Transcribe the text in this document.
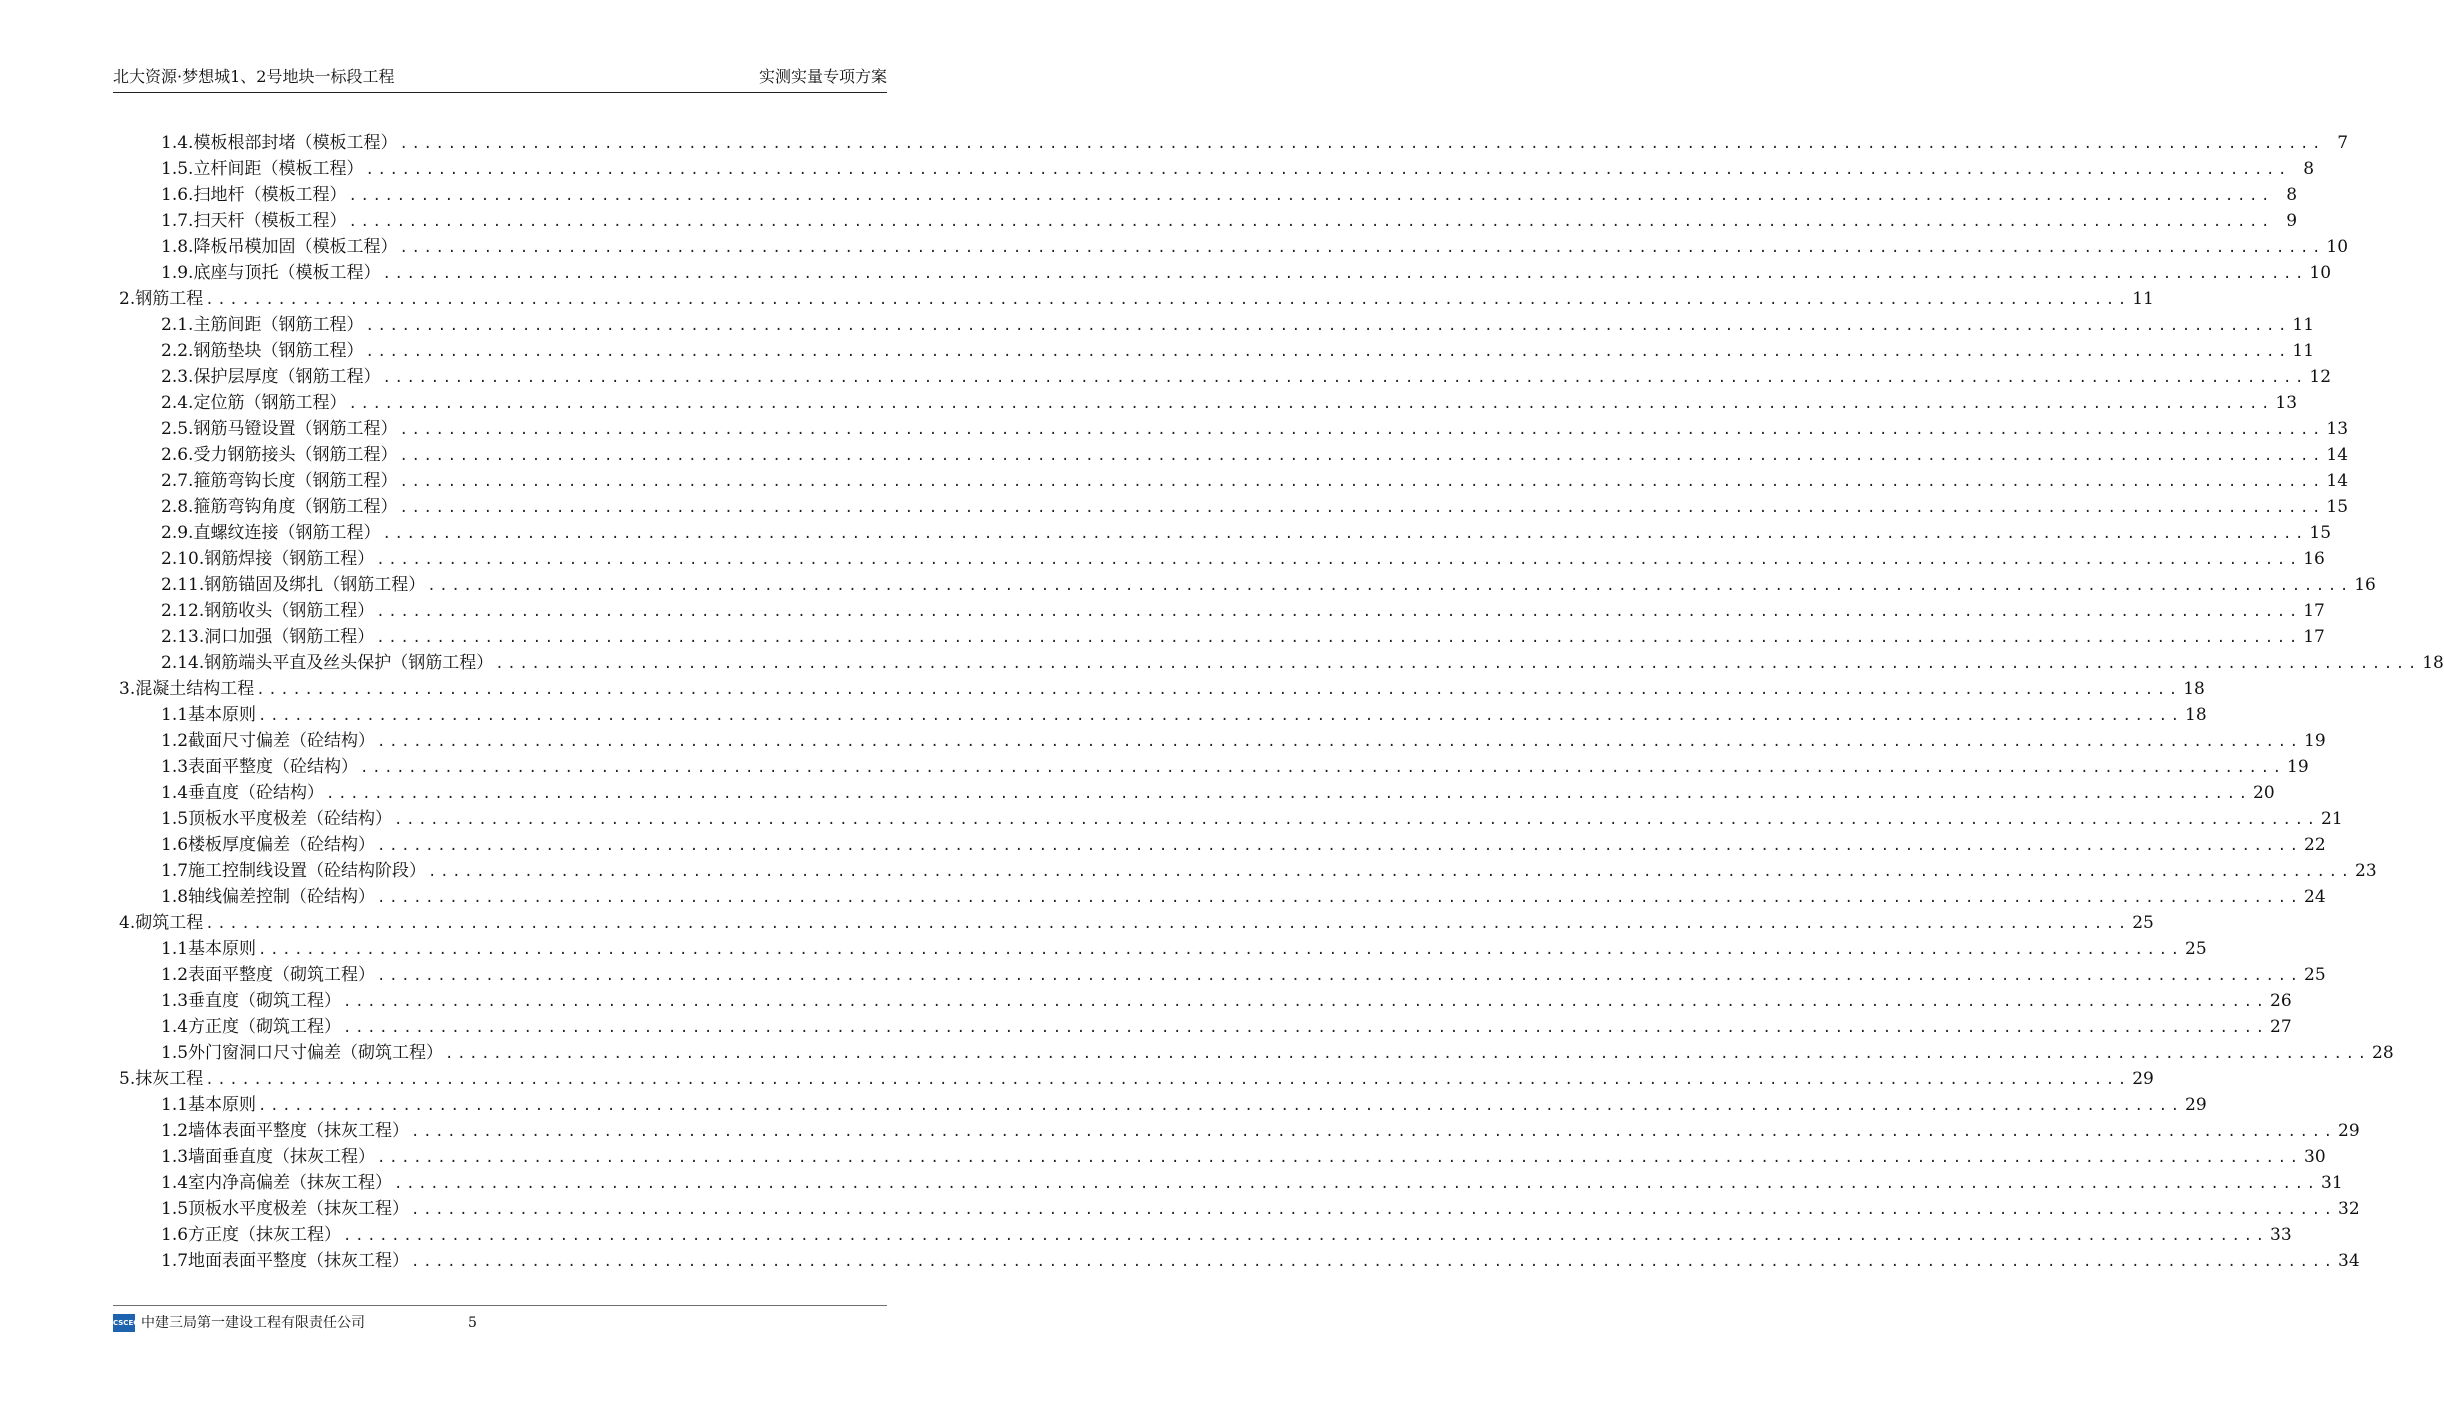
北大资源·梦想城1、2号地块一标段工程	实测实量专项方案
1.4. 模板根部封堵（模板工程） ................................................................................................................................................................ 7
1.5. 立杆间距（模板工程） ................................................................................................................................................................ 8
1.6. 扫地杆（模板工程） ................................................................................................................................................................ 8
1.7. 扫天杆（模板工程） ................................................................................................................................................................ 9
1.8. 降板吊模加固（模板工程） ................................................................................................................................................................ 10
1.9. 底座与顶托（模板工程） ................................................................................................................................................................ 10
2. 钢筋工程 ................................................................................................................................................................ 11
2.1. 主筋间距（钢筋工程） ................................................................................................................................................................ 11
2.2. 钢筋垫块（钢筋工程） ................................................................................................................................................................ 11
2.3. 保护层厚度（钢筋工程） ................................................................................................................................................................ 12
2.4. 定位筋（钢筋工程） ................................................................................................................................................................ 13
2.5. 钢筋马镫设置（钢筋工程） ................................................................................................................................................................ 13
2.6. 受力钢筋接头（钢筋工程） ................................................................................................................................................................ 14
2.7. 箍筋弯钩长度（钢筋工程） ................................................................................................................................................................ 14
2.8. 箍筋弯钩角度（钢筋工程） ................................................................................................................................................................ 15
2.9. 直螺纹连接（钢筋工程） ................................................................................................................................................................ 15
2.10. 钢筋焊接（钢筋工程） ................................................................................................................................................................ 16
2.11. 钢筋锚固及绑扎（钢筋工程） ................................................................................................................................................................ 16
2.12. 钢筋收头（钢筋工程） ................................................................................................................................................................ 17
2.13. 洞口加强（钢筋工程） ................................................................................................................................................................ 17
2.14. 钢筋端头平直及丝头保护（钢筋工程） ................................................................................................................................................................ 18
3. 混凝土结构工程 ................................................................................................................................................................ 18
1.1 基本原则 ................................................................................................................................................................ 18
1.2 截面尺寸偏差（砼结构） ................................................................................................................................................................ 19
1.3 表面平整度（砼结构） ................................................................................................................................................................ 19
1.4 垂直度（砼结构） ................................................................................................................................................................ 20
1.5 顶板水平度极差（砼结构） ................................................................................................................................................................ 21
1.6 楼板厚度偏差（砼结构） ................................................................................................................................................................ 22
1.7 施工控制线设置（砼结构阶段） ................................................................................................................................................................ 23
1.8 轴线偏差控制（砼结构） ................................................................................................................................................................ 24
4. 砌筑工程 ................................................................................................................................................................ 25
1.1 基本原则 ................................................................................................................................................................ 25
1.2 表面平整度（砌筑工程） ................................................................................................................................................................ 25
1.3 垂直度（砌筑工程） ................................................................................................................................................................ 26
1.4 方正度（砌筑工程） ................................................................................................................................................................ 27
1.5 外门窗洞口尺寸偏差（砌筑工程） ................................................................................................................................................................ 28
5. 抹灰工程 ................................................................................................................................................................ 29
1.1 基本原则 ................................................................................................................................................................ 29
1.2 墙体表面平整度（抹灰工程） ................................................................................................................................................................ 29
1.3 墙面垂直度（抹灰工程） ................................................................................................................................................................ 30
1.4 室内净高偏差（抹灰工程） ................................................................................................................................................................ 31
1.5 顶板水平度极差（抹灰工程） ................................................................................................................................................................ 32
1.6 方正度（抹灰工程） ................................................................................................................................................................ 33
1.7 地面表面平整度（抹灰工程） ................................................................................................................................................................ 34
CSCEC 中建三局第一建设工程有限责任公司	5
